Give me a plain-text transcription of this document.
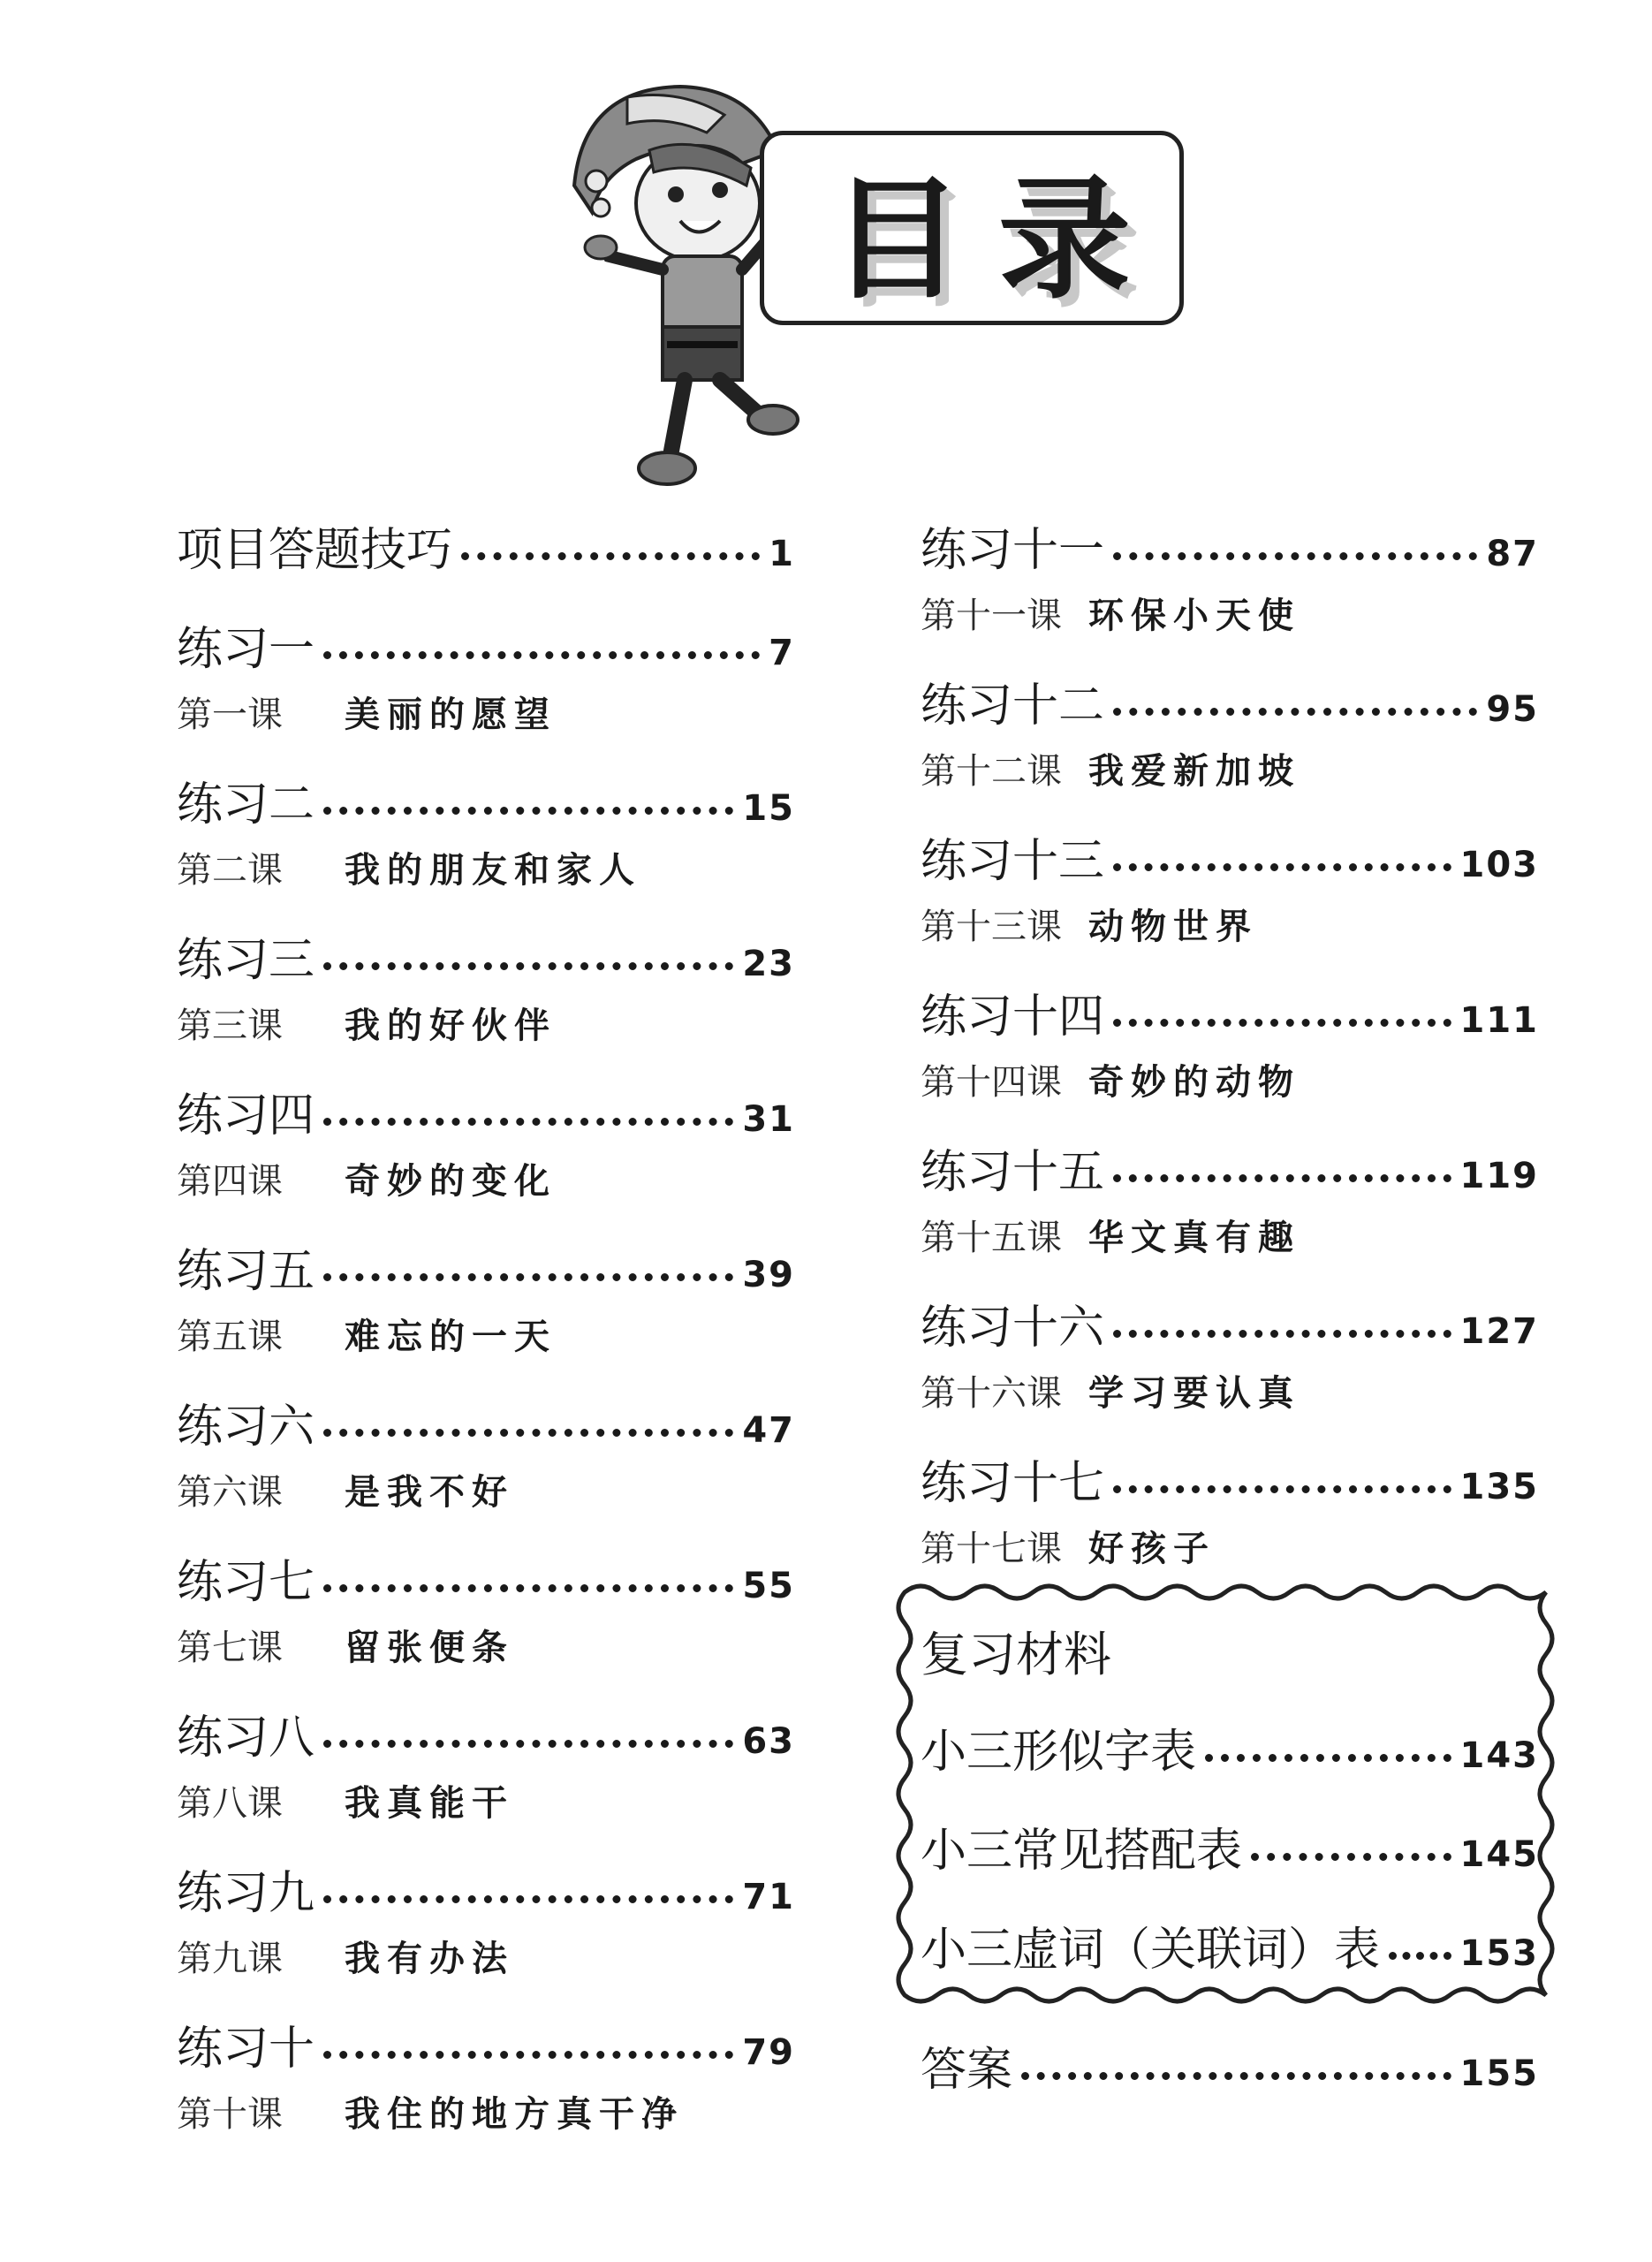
目录
项目答题技巧	1
练习一	7
第一课	美丽的愿望
练习二	15
第二课	我的朋友和家人
练习三	23
第三课	我的好伙伴
练习四	31
第四课	奇妙的变化
练习五	39
第五课	难忘的一天
练习六	47
第六课	是我不好
练习七	55
第七课	留张便条
练习八	63
第八课	我真能干
练习九	71
第九课	我有办法
练习十	79
第十课	我住的地方真干净
练习十一	87
第十一课 环保小天使
练习十二	95
第十二课 我爱新加坡
练习十三	103
第十三课 动物世界
练习十四	111
第十四课 奇妙的动物
练习十五	119
第十五课 华文真有趣
练习十六	127
第十六课 学习要认真
练习十七	135
第十七课 好孩子
复习材料
小三形似字表	143
小三常见搭配表	145
小三虚词（关联词）表 153
答案	155
